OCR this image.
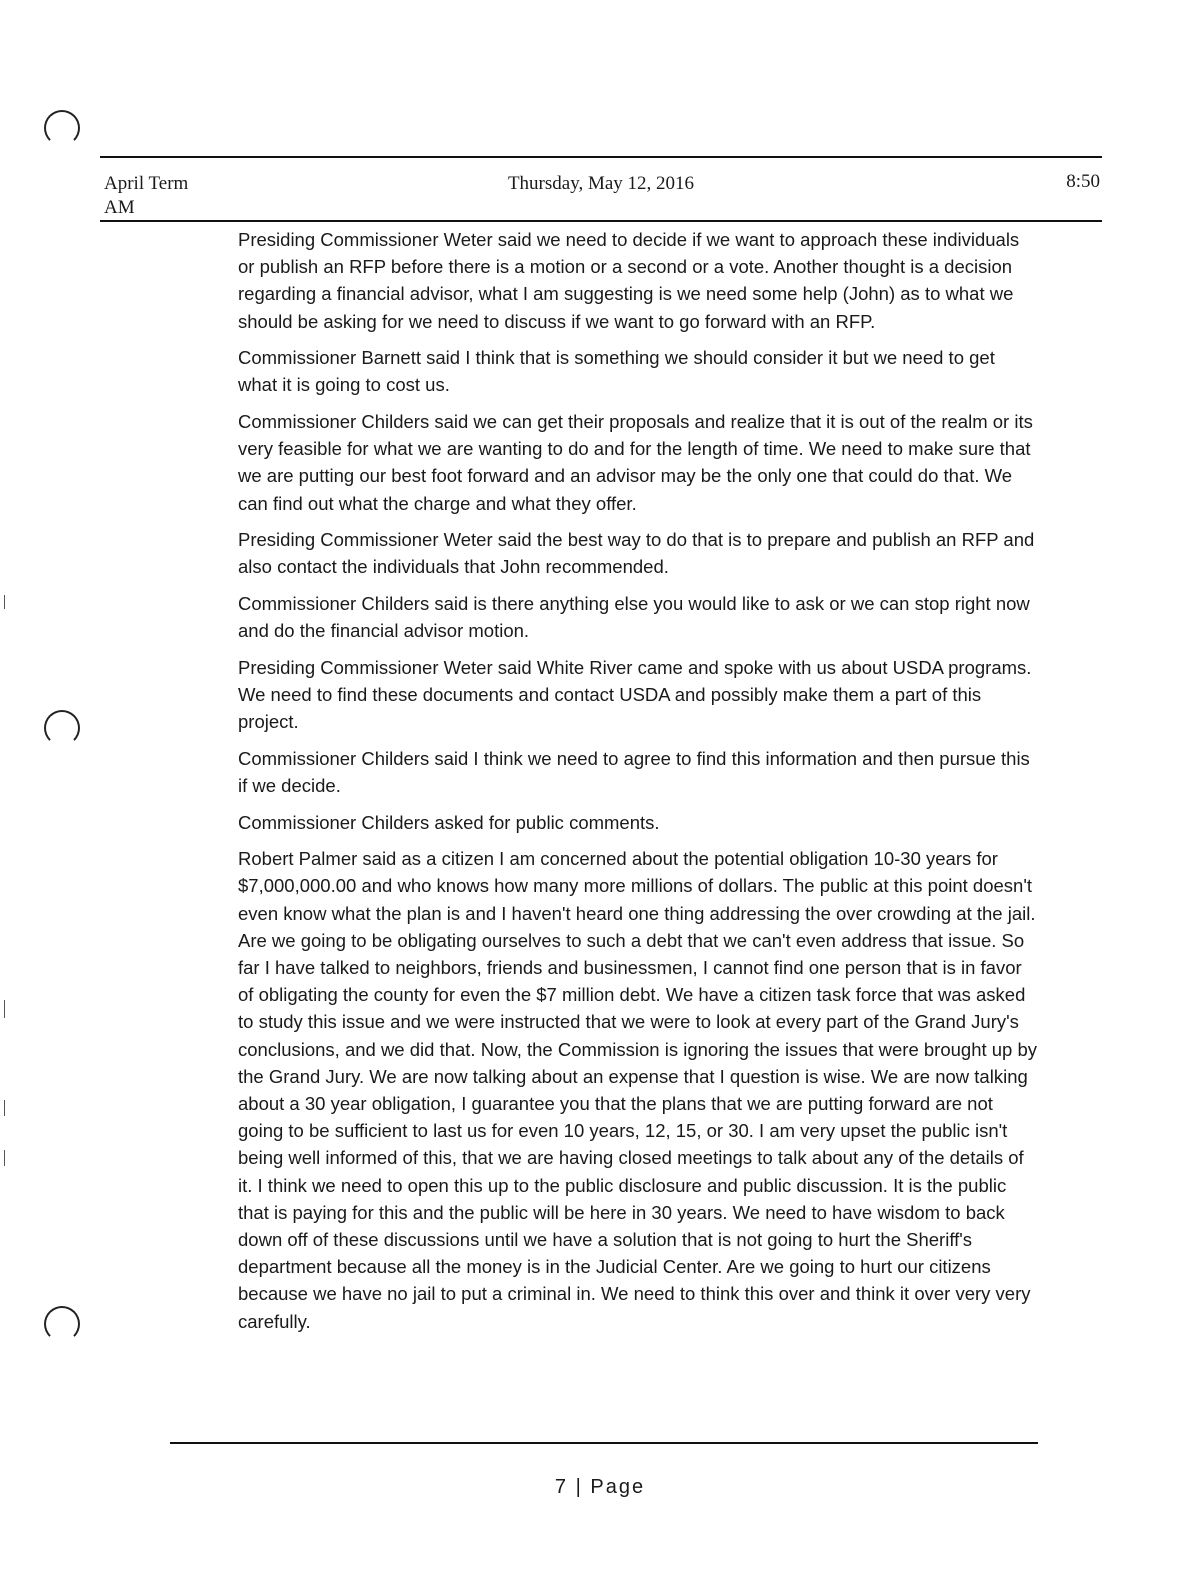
April Term
AM
Thursday, May 12, 2016	8:50

Presiding Commissioner Weter said we need to decide if we want to approach these individuals or publish an RFP before there is a motion or a second or a vote. Another thought is a decision regarding a financial advisor, what I am suggesting is we need some help (John) as to what we should be asking for we need to discuss if we want to go forward with an RFP.

Commissioner Barnett said I think that is something we should consider it but we need to get what it is going to cost us.

Commissioner Childers said we can get their proposals and realize that it is out of the realm or its very feasible for what we are wanting to do and for the length of time. We need to make sure that we are putting our best foot forward and an advisor may be the only one that could do that. We can find out what the charge and what they offer.

Presiding Commissioner Weter said the best way to do that is to prepare and publish an RFP and also contact the individuals that John recommended.

Commissioner Childers said is there anything else you would like to ask or we can stop right now and do the financial advisor motion.

Presiding Commissioner Weter said White River came and spoke with us about USDA programs. We need to find these documents and contact USDA and possibly make them a part of this project.

Commissioner Childers said I think we need to agree to find this information and then pursue this if we decide.

Commissioner Childers asked for public comments.

Robert Palmer said as a citizen I am concerned about the potential obligation 10-30 years for $7,000,000.00 and who knows how many more millions of dollars. The public at this point doesn't even know what the plan is and I haven't heard one thing addressing the over crowding at the jail. Are we going to be obligating ourselves to such a debt that we can't even address that issue. So far I have talked to neighbors, friends and businessmen, I cannot find one person that is in favor of obligating the county for even the $7 million debt. We have a citizen task force that was asked to study this issue and we were instructed that we were to look at every part of the Grand Jury's conclusions, and we did that. Now, the Commission is ignoring the issues that were brought up by the Grand Jury. We are now talking about an expense that I question is wise. We are now talking about a 30 year obligation, I guarantee you that the plans that we are putting forward are not going to be sufficient to last us for even 10 years, 12, 15, or 30. I am very upset the public isn't being well informed of this, that we are having closed meetings to talk about any of the details of it. I think we need to open this up to the public disclosure and public discussion. It is the public that is paying for this and the public will be here in 30 years. We need to have wisdom to back down off of these discussions until we have a solution that is not going to hurt the Sheriff's department because all the money is in the Judicial Center. Are we going to hurt our citizens because we have no jail to put a criminal in. We need to think this over and think it over very very carefully.

7 | Page
